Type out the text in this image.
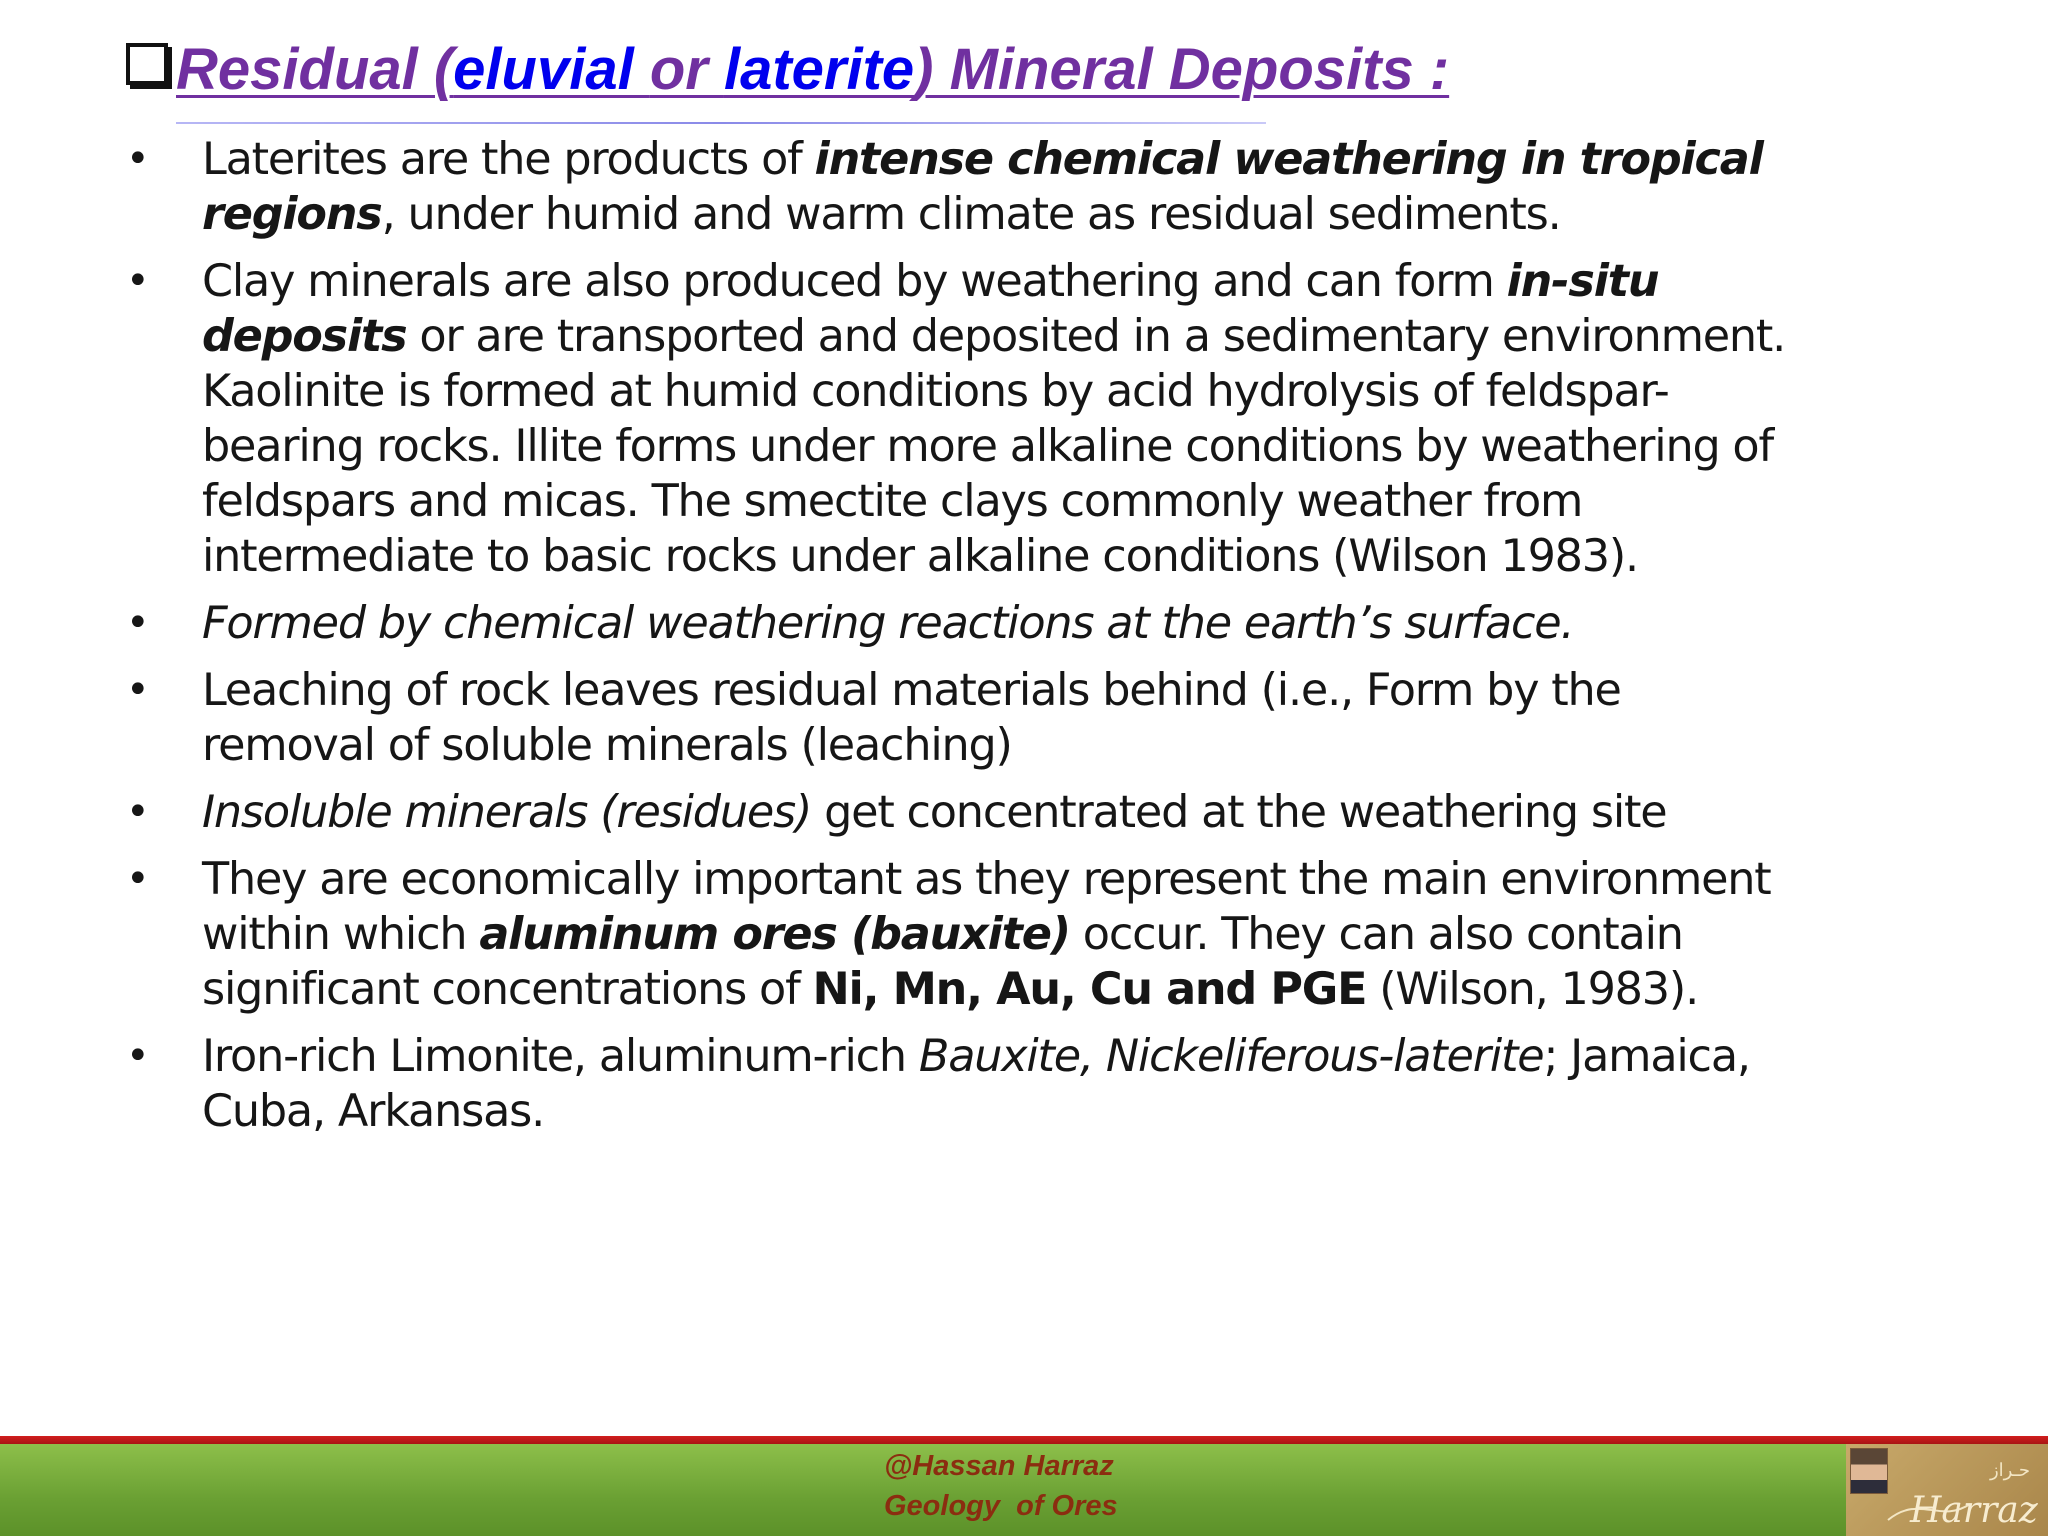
Residual (eluvial or laterite) Mineral Deposits :
•	Laterites are the products of intense chemical weathering in tropical
regions, under humid and warm climate as residual sediments.
•	Clay minerals are also produced by weathering and can form in-situ
deposits or are transported and deposited in a sedimentary environment.
Kaolinite is formed at humid conditions by acid hydrolysis of feldspar-
bearing rocks. Illite forms under more alkaline conditions by weathering of
feldspars and micas. The smectite clays commonly weather from
intermediate to basic rocks under alkaline conditions (Wilson 1983).
•	Formed by chemical weathering reactions at the earth’s surface.
•	Leaching of rock leaves residual materials behind (i.e., Form by the
removal of soluble minerals (leaching)
•	Insoluble minerals (residues) get concentrated at the weathering site
•	They are economically important as they represent the main environment
within which aluminum ores (bauxite) occur. They can also contain
significant concentrations of Ni, Mn, Au, Cu and PGE (Wilson, 1983).
•	Iron-rich Limonite, aluminum-rich Bauxite, Nickeliferous-laterite; Jamaica,
Cuba, Arkansas.
@Hassan Harraz
Geology  of Ores
حـراز
Harraz
